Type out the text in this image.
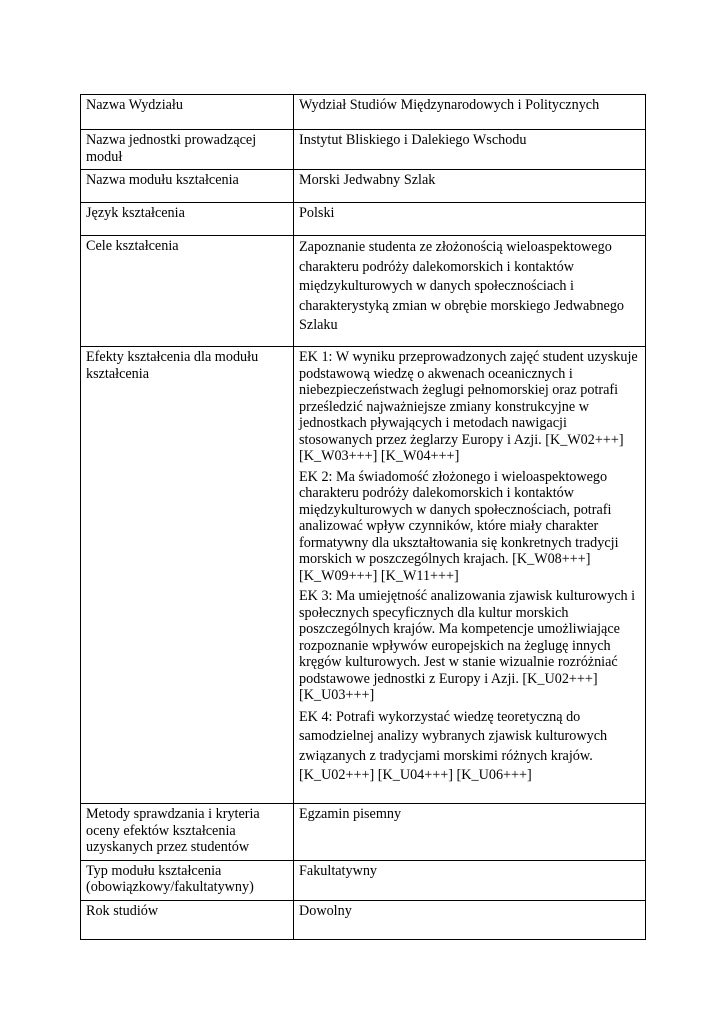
Nazwa Wydziału	Wydział Studiów Międzynarodowych i Politycznych
Nazwa jednostki prowadzącej moduł	Instytut Bliskiego i Dalekiego Wschodu
Nazwa modułu kształcenia	Morski Jedwabny Szlak
Język kształcenia	Polski
Cele kształcenia	Zapoznanie studenta ze złożonością wieloaspektowego charakteru podróży dalekomorskich i kontaktów międzykulturowych w danych społecznościach i charakterystyką zmian w obrębie morskiego Jedwabnego Szlaku
Efekty kształcenia dla modułu kształcenia	EK 1: W wyniku przeprowadzonych zajęć student uzyskuje podstawową wiedzę o akwenach oceanicznych i niebezpieczeństwach żeglugi pełnomorskiej oraz potrafi prześledzić najważniejsze zmiany konstrukcyjne w jednostkach pływających i metodach nawigacji stosowanych przez żeglarzy Europy i Azji. [K_W02+++] [K_W03+++] [K_W04+++]

EK 2: Ma świadomość złożonego i wieloaspektowego charakteru podróży dalekomorskich i kontaktów międzykulturowych w danych społecznościach, potrafi analizować wpływ czynników, które miały charakter formatywny dla ukształtowania się konkretnych tradycji morskich w poszczególnych krajach. [K_W08+++] [K_W09+++] [K_W11+++]

EK 3: Ma umiejętność analizowania zjawisk kulturowych i społecznych specyficznych dla kultur morskich poszczególnych krajów. Ma kompetencje umożliwiające rozpoznanie wpływów europejskich na żeglugę innych kręgów kulturowych. Jest w stanie wizualnie rozróżniać podstawowe jednostki z Europy i Azji. [K_U02+++] [K_U03+++]

EK 4: Potrafi wykorzystać wiedzę teoretyczną do samodzielnej analizy wybranych zjawisk kulturowych związanych z tradycjami morskimi różnych krajów. [K_U02+++] [K_U04+++] [K_U06+++]

Metody sprawdzania i kryteria oceny efektów kształcenia uzyskanych przez studentów	Egzamin pisemny
Typ modułu kształcenia (obowiązkowy/fakultatywny)	Fakultatywny
Rok studiów	Dowolny
